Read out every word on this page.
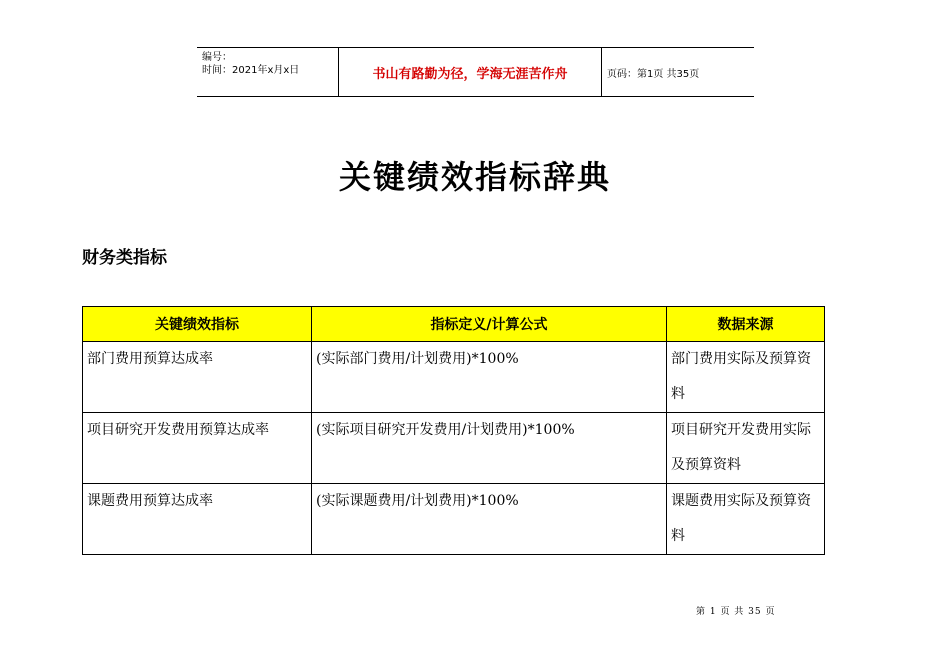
编号：
时间：2021年x月x日	书山有路勤为径，学海无涯苦作舟	页码：第1页 共35页
关键绩效指标辞典
财务类指标
关键绩效指标	指标定义/计算公式	数据来源
部门费用预算达成率	(实际部门费用/计划费用)*100%	部门费用实际及预算资料
项目研究开发费用预算达成率	(实际项目研究开发费用/计划费用)*100%	项目研究开发费用实际及预算资料
课题费用预算达成率	(实际课题费用/计划费用)*100%	课题费用实际及预算资料
第 1 页 共 35 页
